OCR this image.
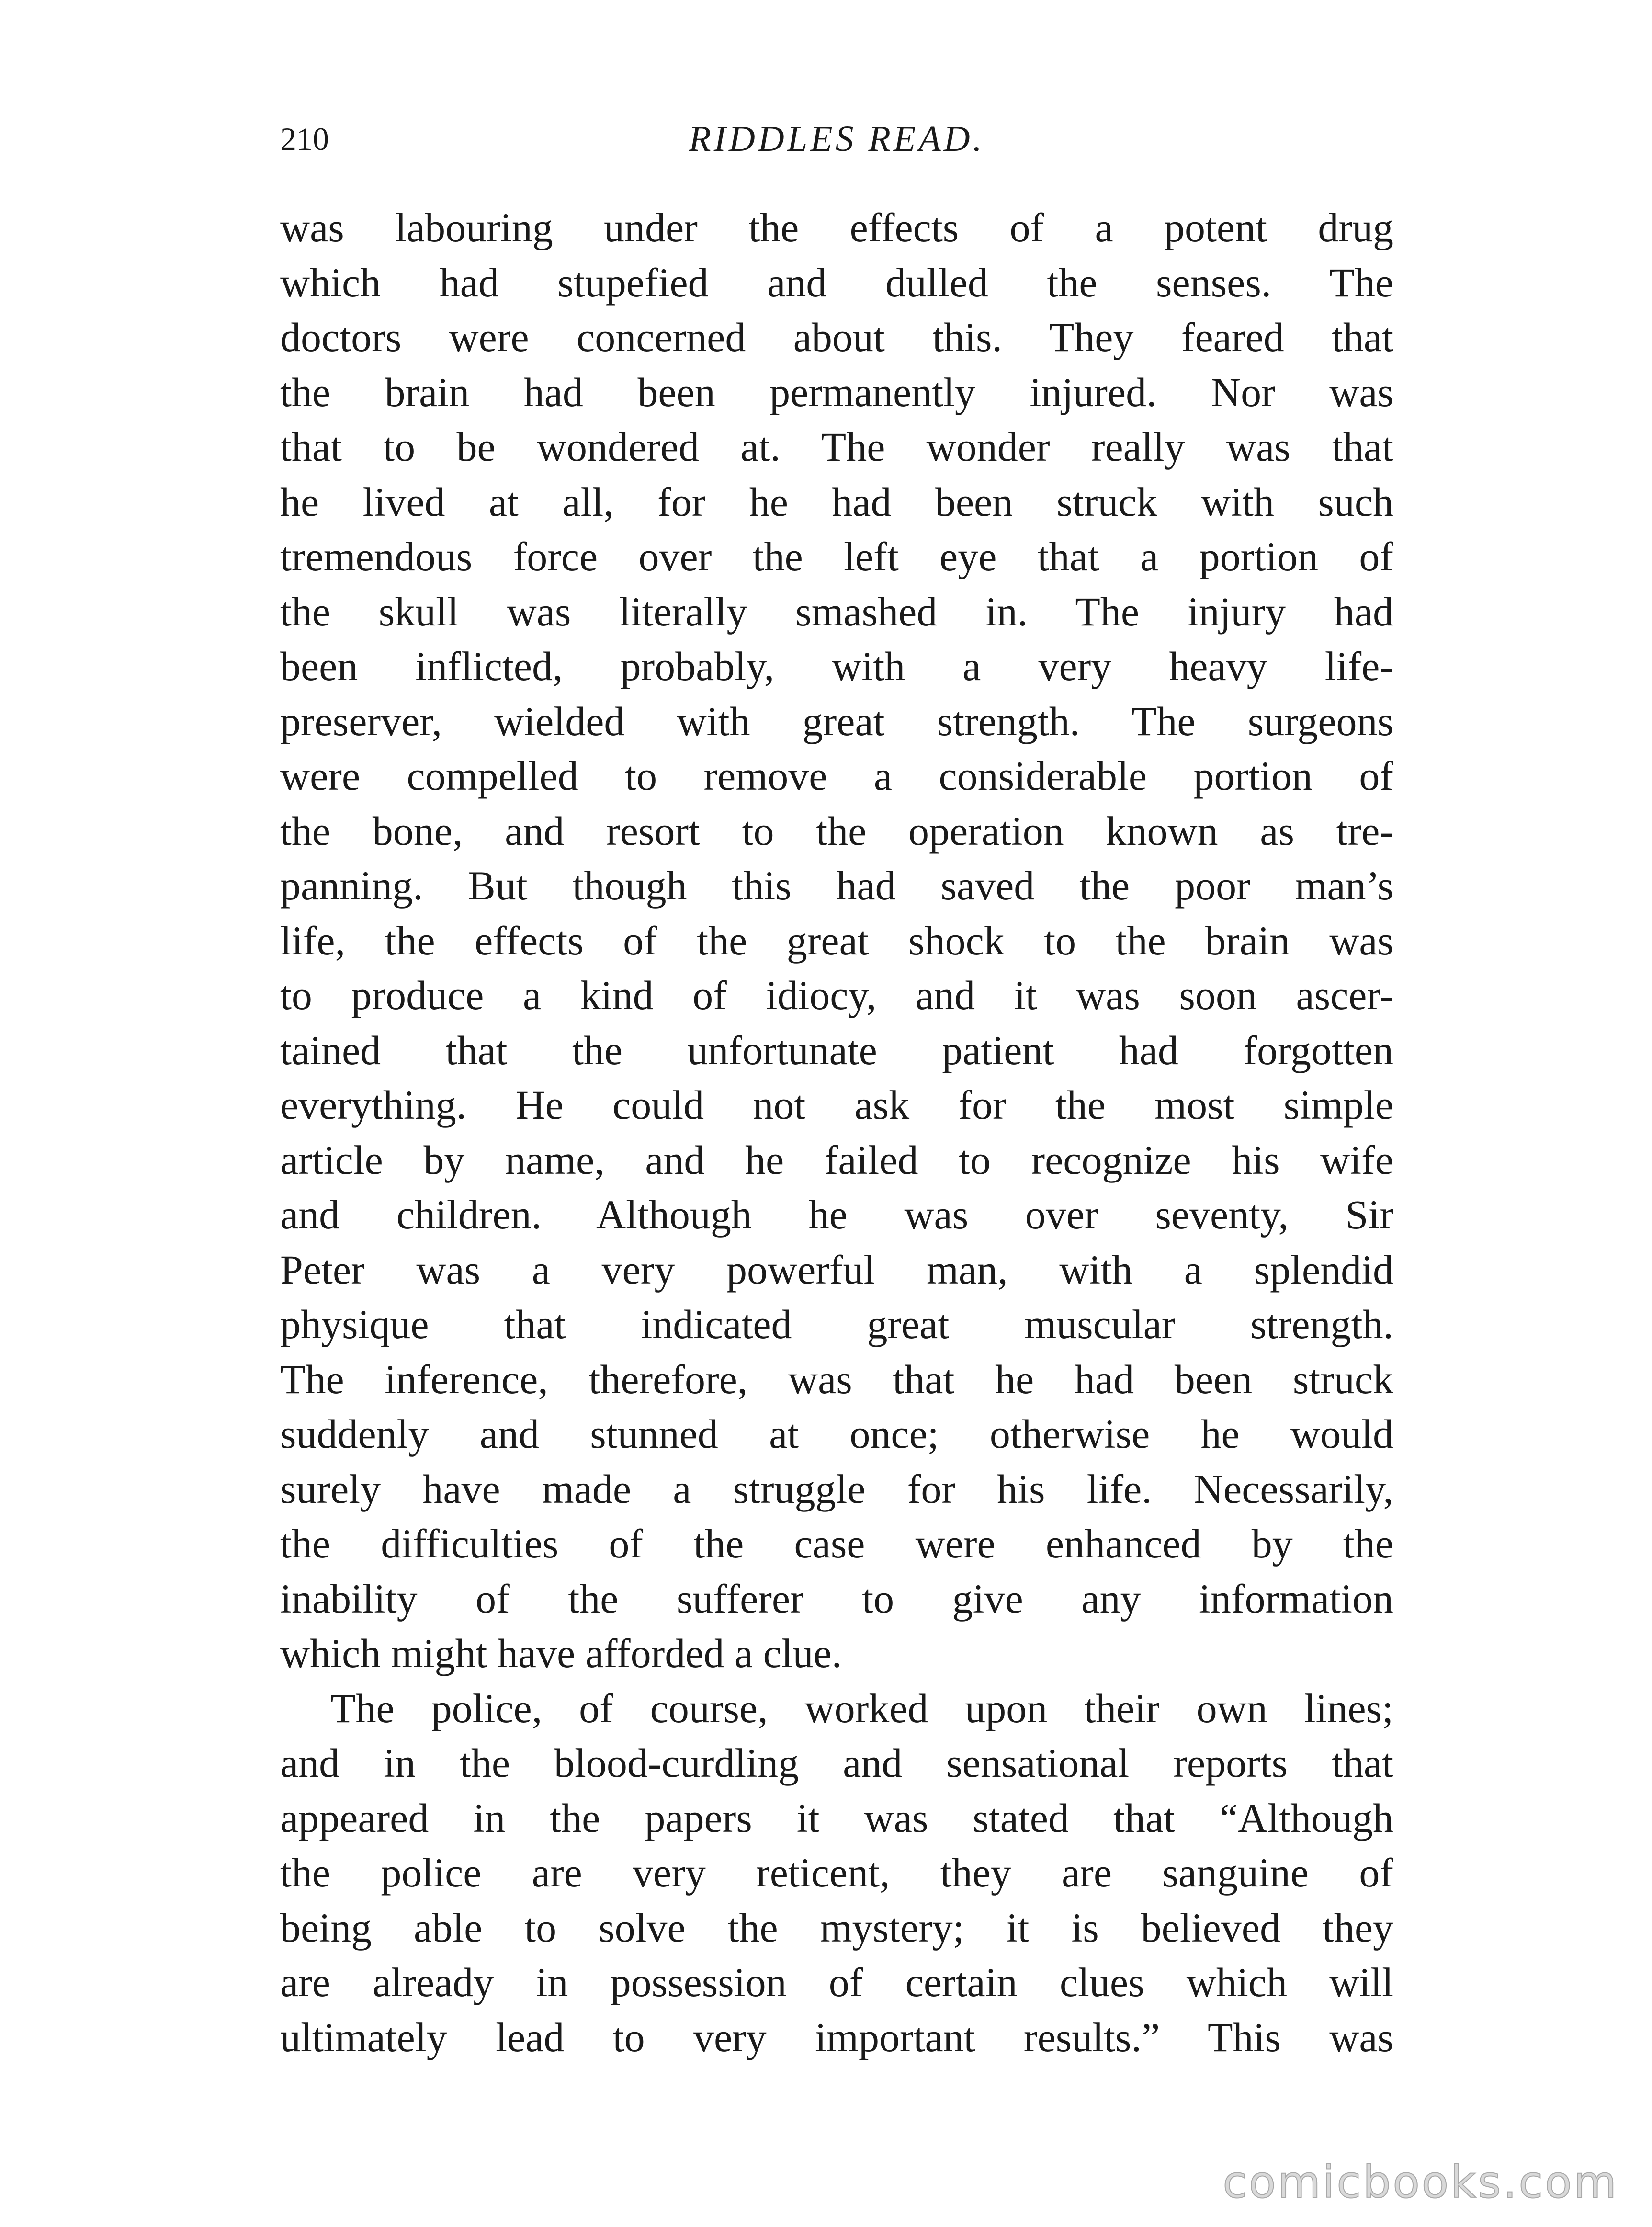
210	RIDDLES READ.
was labouring under the effects of a potent drug
which had stupefied and dulled the senses. The
doctors were concerned about this. They feared that
the brain had been permanently injured. Nor was
that to be wondered at. The wonder really was that
he lived at all, for he had been struck with such
tremendous force over the left eye that a portion of
the skull was literally smashed in. The injury had
been inflicted, probably, with a very heavy life-
preserver, wielded with great strength. The surgeons
were compelled to remove a considerable portion of
the bone, and resort to the operation known as tre-
panning. But though this had saved the poor man’s
life, the effects of the great shock to the brain was
to produce a kind of idiocy, and it was soon ascer-
tained that the unfortunate patient had forgotten
everything. He could not ask for the most simple
article by name, and he failed to recognize his wife
and children. Although he was over seventy, Sir
Peter was a very powerful man, with a splendid
physique that indicated great muscular strength.
The inference, therefore, was that he had been struck
suddenly and stunned at once; otherwise he would
surely have made a struggle for his life. Necessarily,
the difficulties of the case were enhanced by the
inability of the sufferer to give any information
which might have afforded a clue.
The police, of course, worked upon their own lines;
and in the blood-curdling and sensational reports that
appeared in the papers it was stated that “Although
the police are very reticent, they are sanguine of
being able to solve the mystery; it is believed they
are already in possession of certain clues which will
ultimately lead to very important results.” This was
comicbooks.com
